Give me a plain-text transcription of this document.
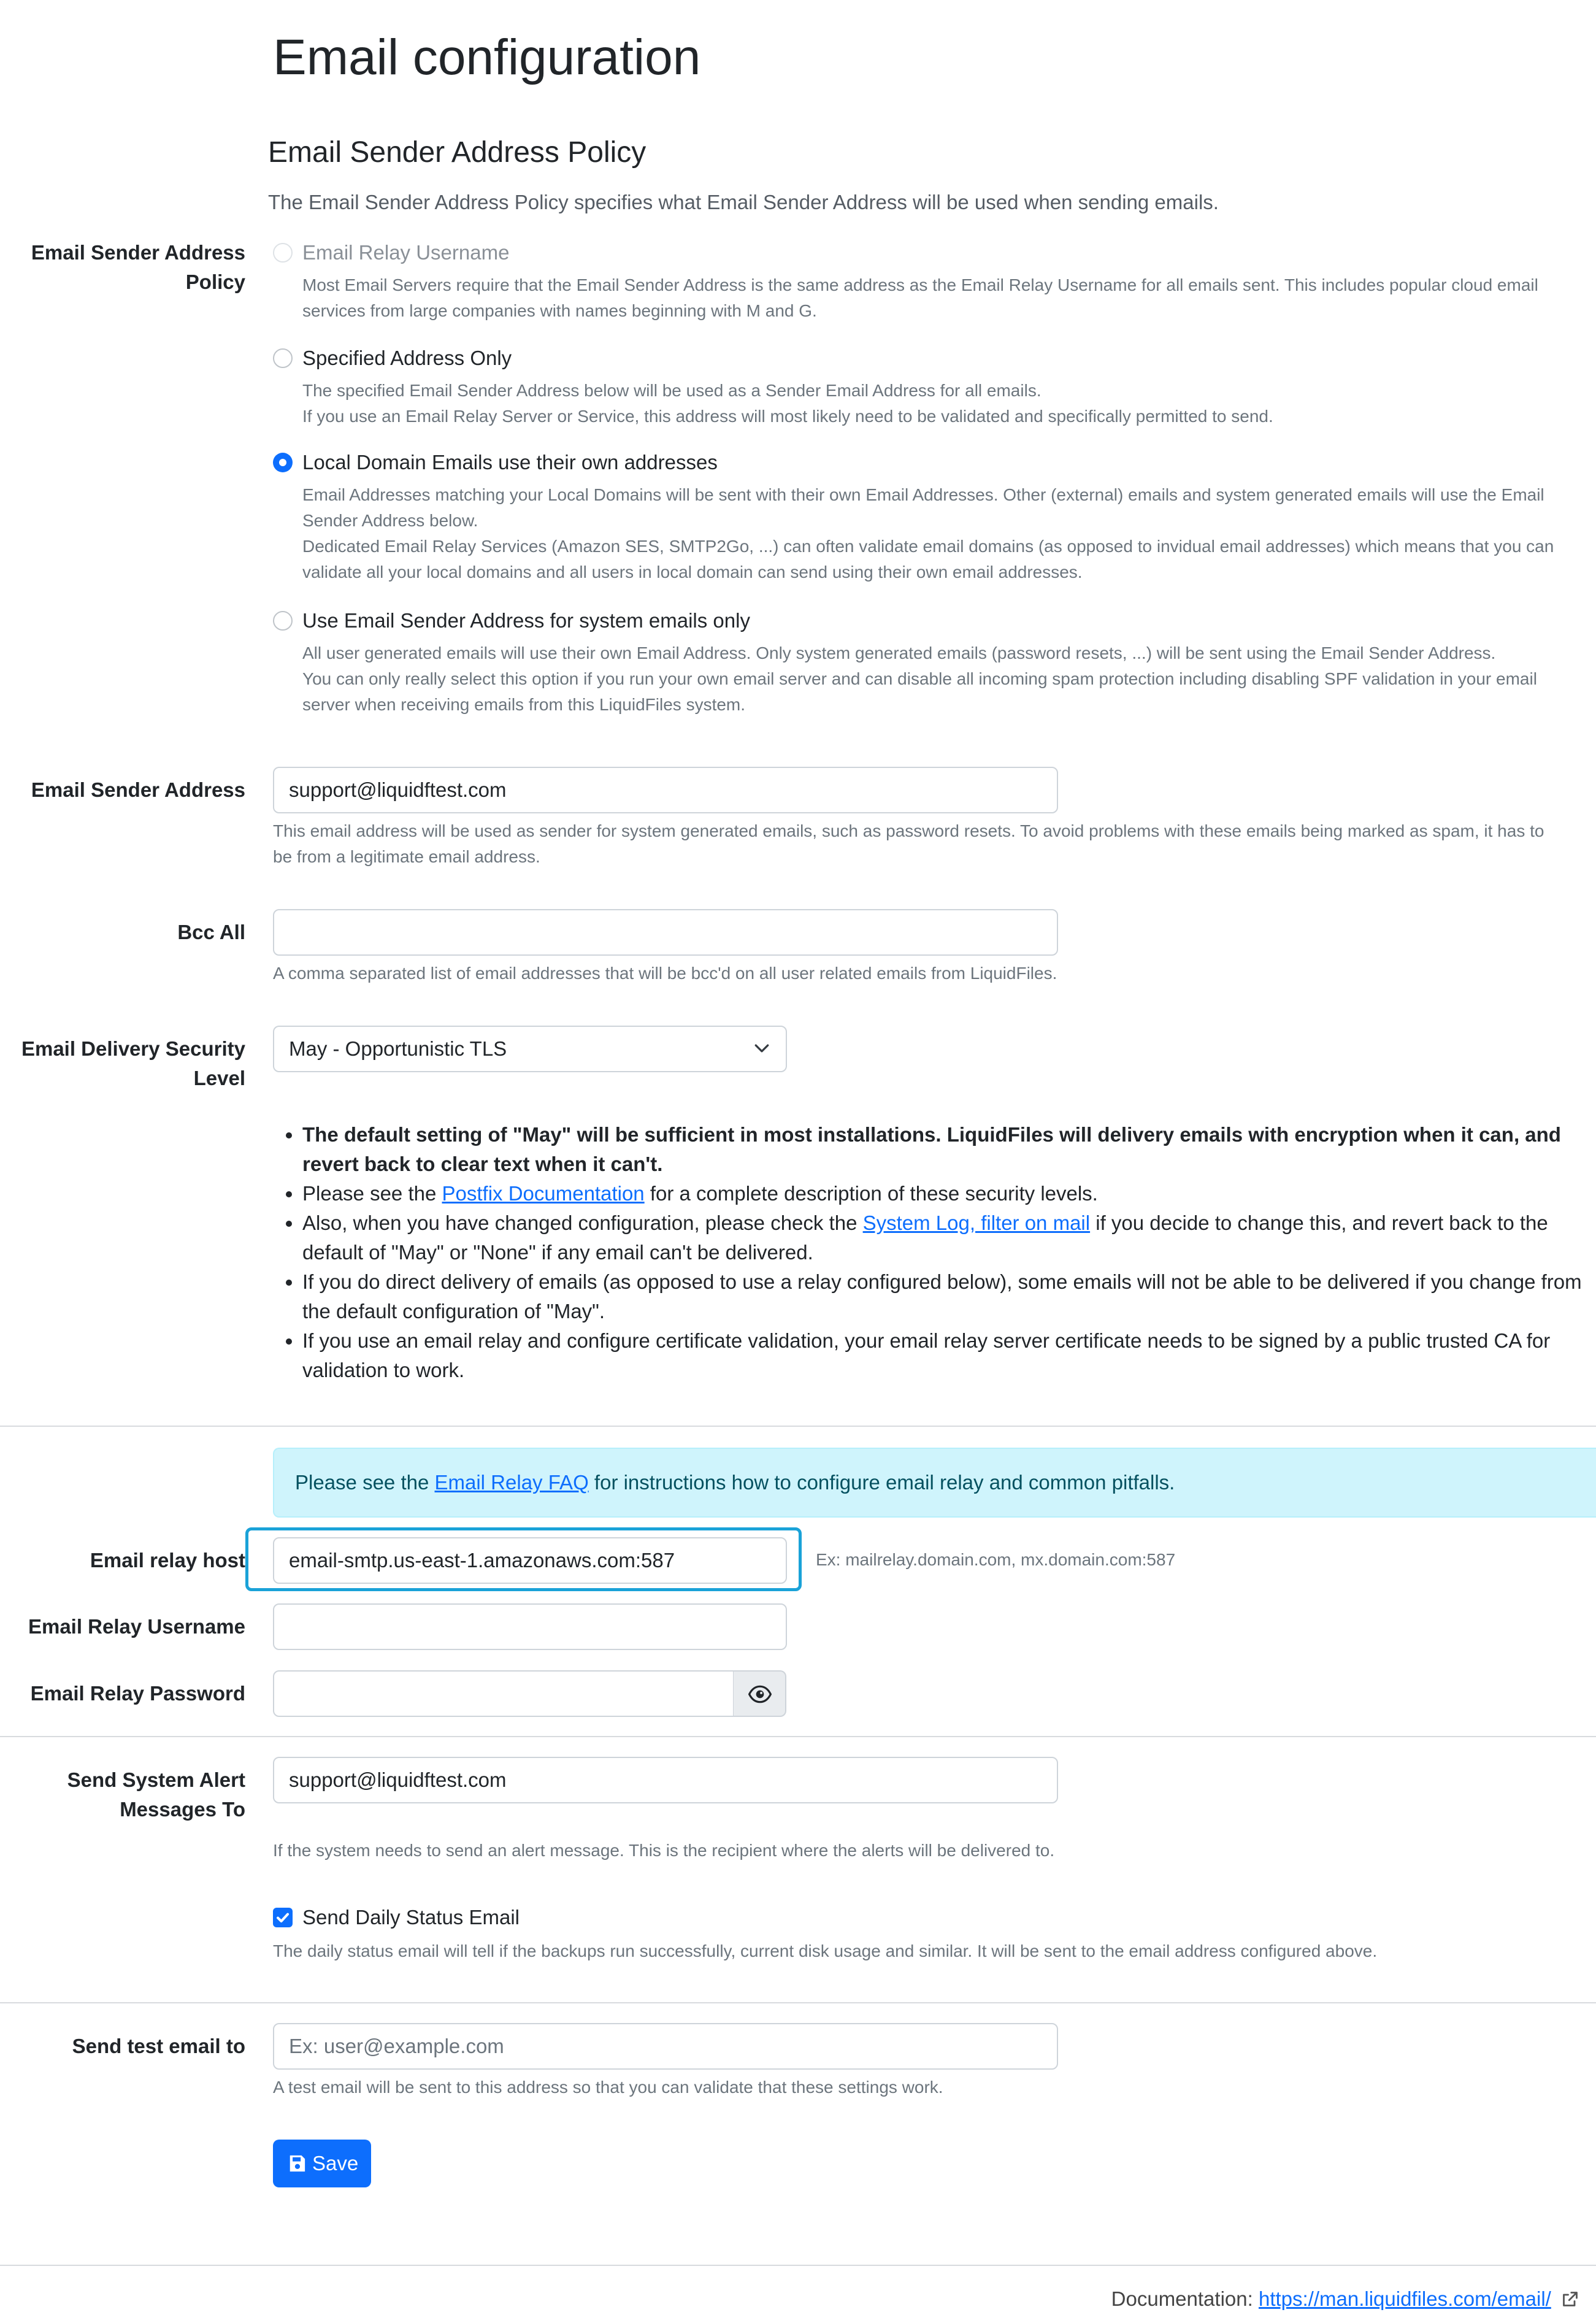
Email configuration
Email Sender Address Policy
The Email Sender Address Policy specifies what Email Sender Address will be used when sending emails.
Email Sender Address
Policy
Email Relay Username
Most Email Servers require that the Email Sender Address is the same address as the Email Relay Username for all emails sent. This includes popular cloud email
services from large companies with names beginning with M and G.
Specified Address Only
The specified Email Sender Address below will be used as a Sender Email Address for all emails.
If you use an Email Relay Server or Service, this address will most likely need to be validated and specifically permitted to send.
Local Domain Emails use their own addresses
Email Addresses matching your Local Domains will be sent with their own Email Addresses. Other (external) emails and system generated emails will use the Email
Sender Address below.
Dedicated Email Relay Services (Amazon SES, SMTP2Go, ...) can often validate email domains (as opposed to invidual email addresses) which means that you can
validate all your local domains and all users in local domain can send using their own email addresses.
Use Email Sender Address for system emails only
All user generated emails will use their own Email Address. Only system generated emails (password resets, ...) will be sent using the Email Sender Address.
You can only really select this option if you run your own email server and can disable all incoming spam protection including disabling SPF validation in your email
server when receiving emails from this LiquidFiles system.
Email Sender Address
support@liquidftest.com
This email address will be used as sender for system generated emails, such as password resets. To avoid problems with these emails being marked as spam, it has to
be from a legitimate email address.
Bcc All
A comma separated list of email addresses that will be bcc'd on all user related emails from LiquidFiles.
Email Delivery Security
Level
May - Opportunistic TLS
• The default setting of "May" will be sufficient in most installations. LiquidFiles will delivery emails with encryption when it can, and revert back to clear text when it can't.
• Please see the Postfix Documentation for a complete description of these security levels.
• Also, when you have changed configuration, please check the System Log, filter on mail if you decide to change this, and revert back to the default of "May" or "None" if any email can't be delivered.
• If you do direct delivery of emails (as opposed to use a relay configured below), some emails will not be able to be delivered if you change from the default configuration of "May".
• If you use an email relay and configure certificate validation, your email relay server certificate needs to be signed by a public trusted CA for validation to work.
Please see the Email Relay FAQ for instructions how to configure email relay and common pitfalls.
Email relay host
email-smtp.us-east-1.amazonaws.com:587	Ex: mailrelay.domain.com, mx.domain.com:587
Email Relay Username
Email Relay Password
Send System Alert
Messages To
support@liquidftest.com
If the system needs to send an alert message. This is the recipient where the alerts will be delivered to.
Send Daily Status Email
The daily status email will tell if the backups run successfully, current disk usage and similar. It will be sent to the email address configured above.
Send test email to
Ex: user@example.com
A test email will be sent to this address so that you can validate that these settings work.
Save
Documentation: https://man.liquidfiles.com/email/
